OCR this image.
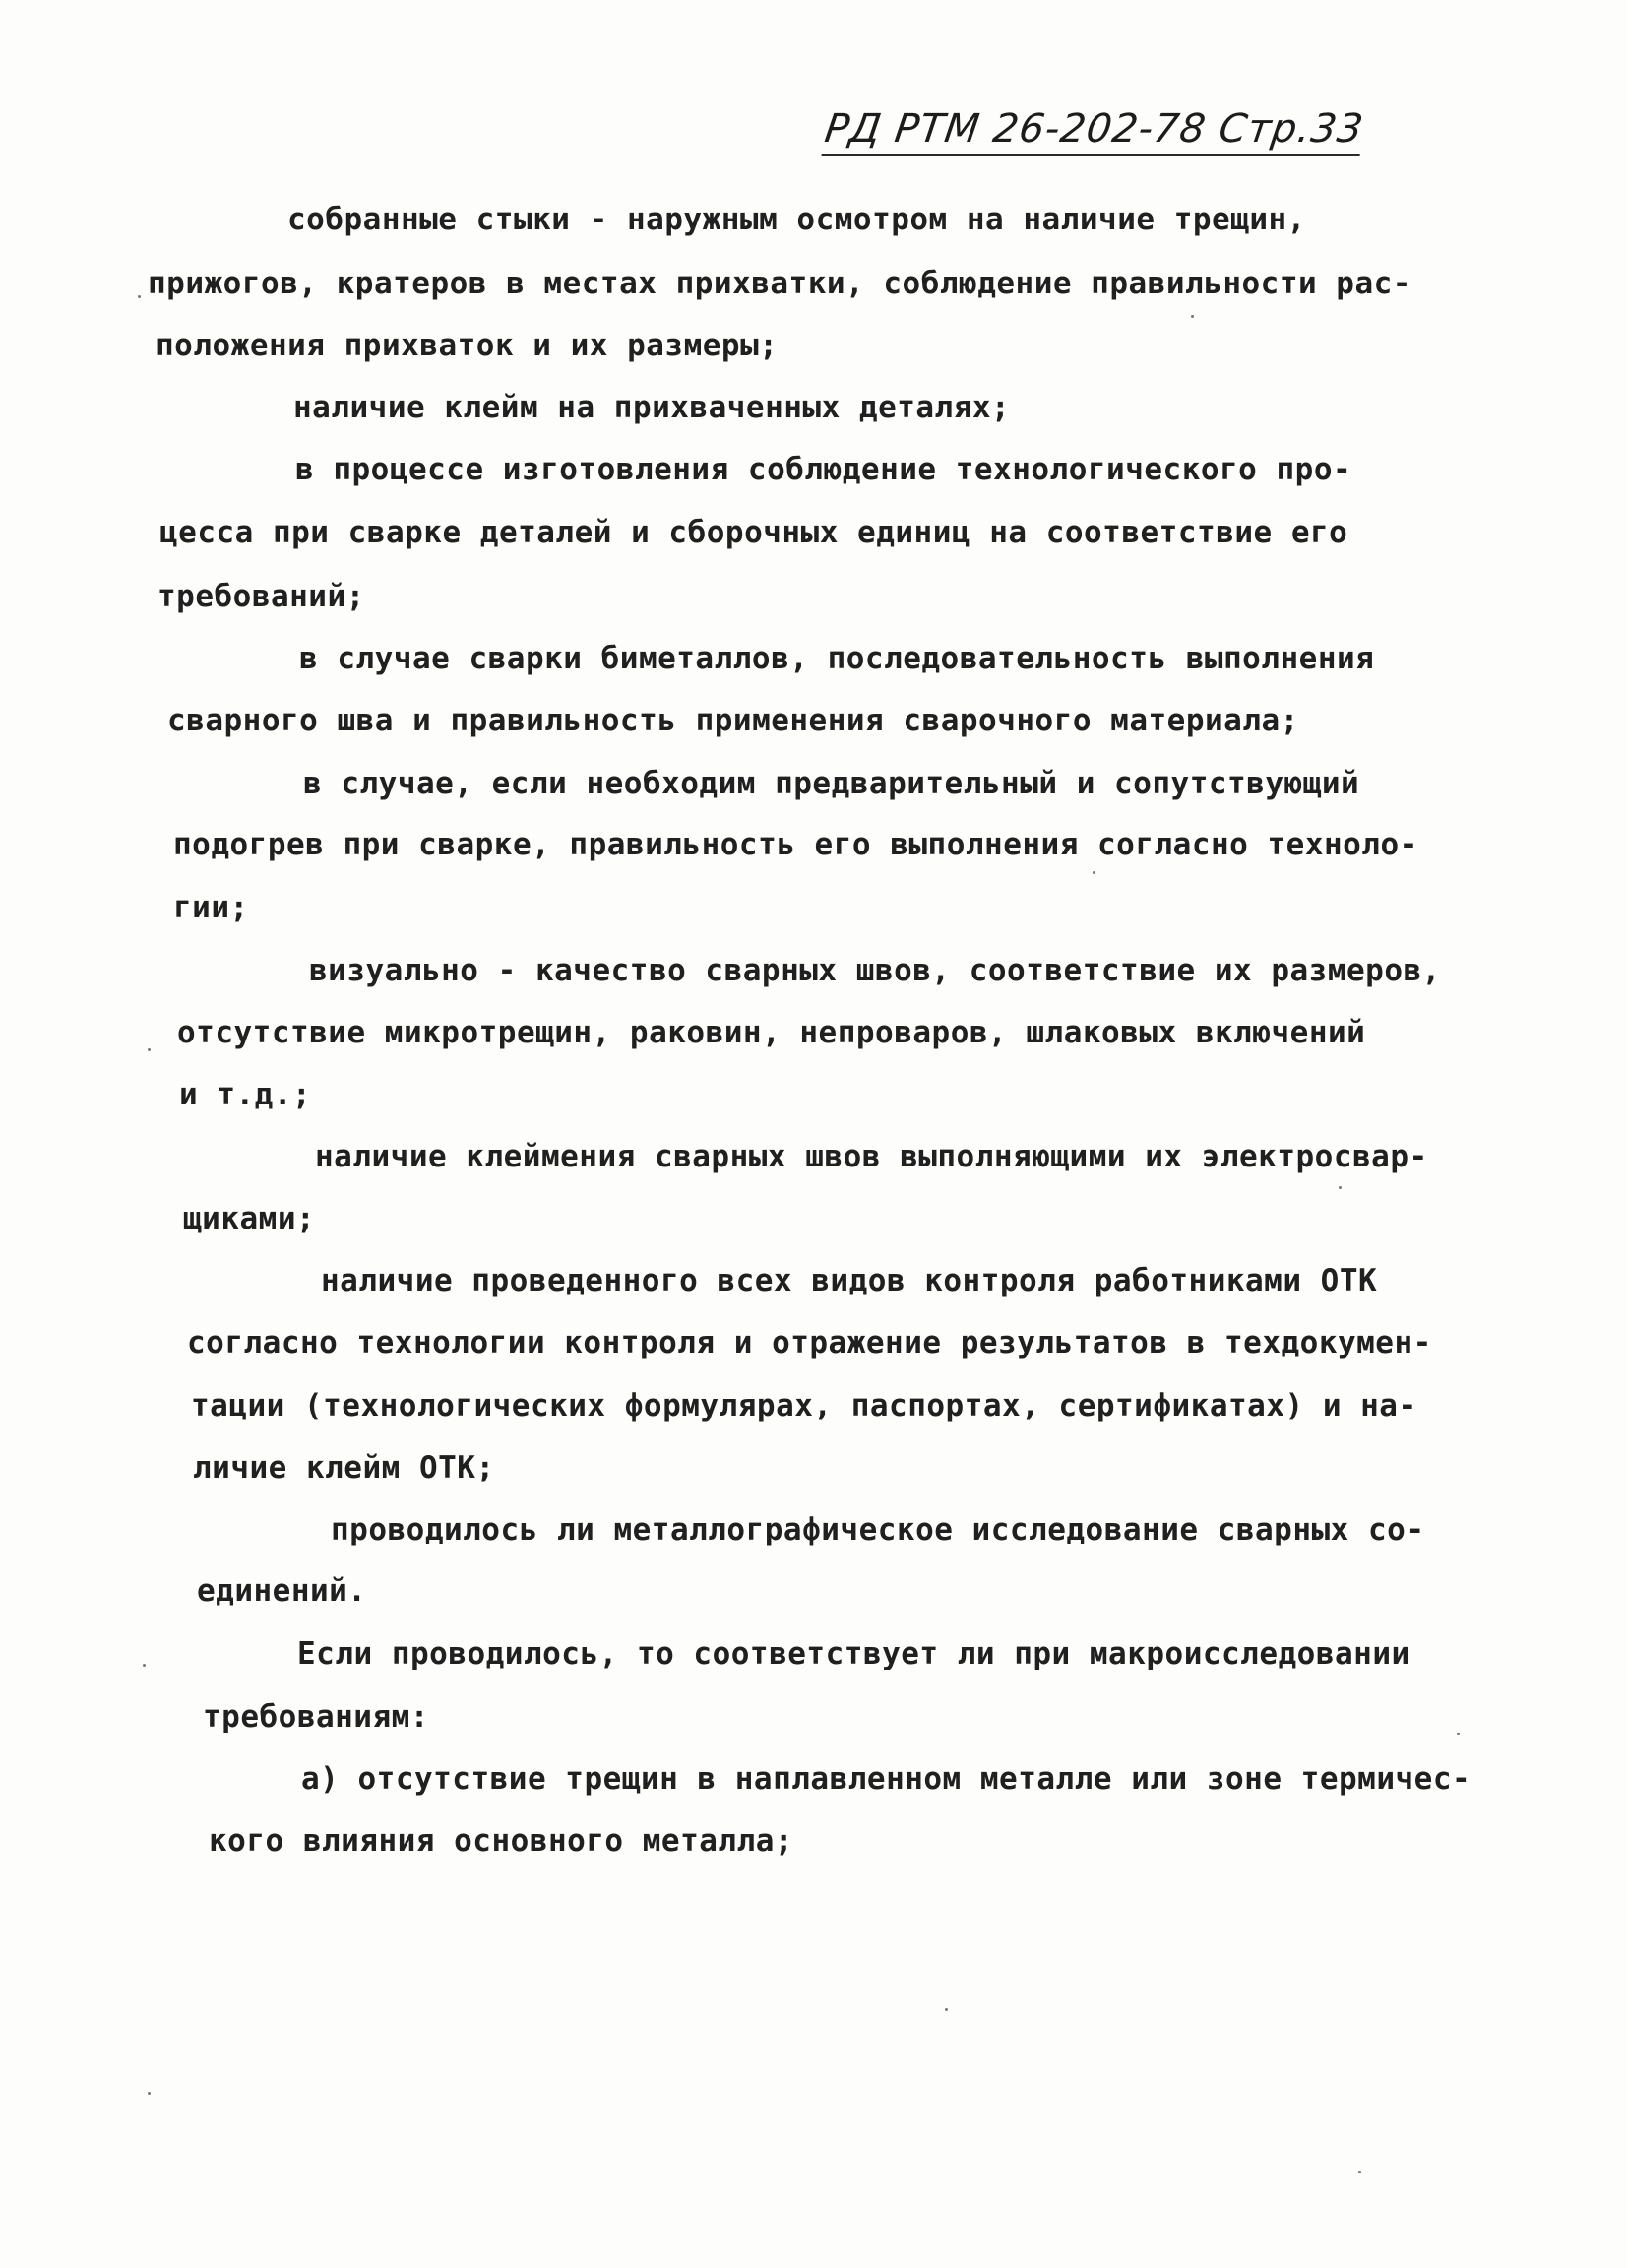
РД РТМ 26-202-78 Стр.33
собранные стыки - наружным осмотром на наличие трещин,
прижогов, кратеров в местах прихватки, соблюдение правильности рас-
положения прихваток и их размеры;
наличие клейм на прихваченных деталях;
в процессе изготовления соблюдение технологического про-
цесса при сварке деталей и сборочных единиц на соответствие его
требований;
в случае сварки биметаллов, последовательность выполнения
сварного шва и правильность применения сварочного материала;
в случае, если необходим предварительный и сопутствующий
подогрев при сварке, правильность его выполнения согласно техноло-
гии;
визуально - качество сварных швов, соответствие их размеров,
отсутствие микротрещин, раковин, непроваров, шлаковых включений
и т.д.;
наличие клеймения сварных швов выполняющими их электросвар-
щиками;
наличие проведенного всех видов контроля работниками ОТК
согласно технологии контроля и отражение результатов в техдокумен-
тации (технологических формулярах, паспортах, сертификатах) и на-
личие клейм ОТК;
проводилось ли металлографическое исследование сварных со-
единений.
Если проводилось, то соответствует ли при макроисследовании
требованиям:
а) отсутствие трещин в наплавленном металле или зоне термичес-
кого влияния основного металла;
